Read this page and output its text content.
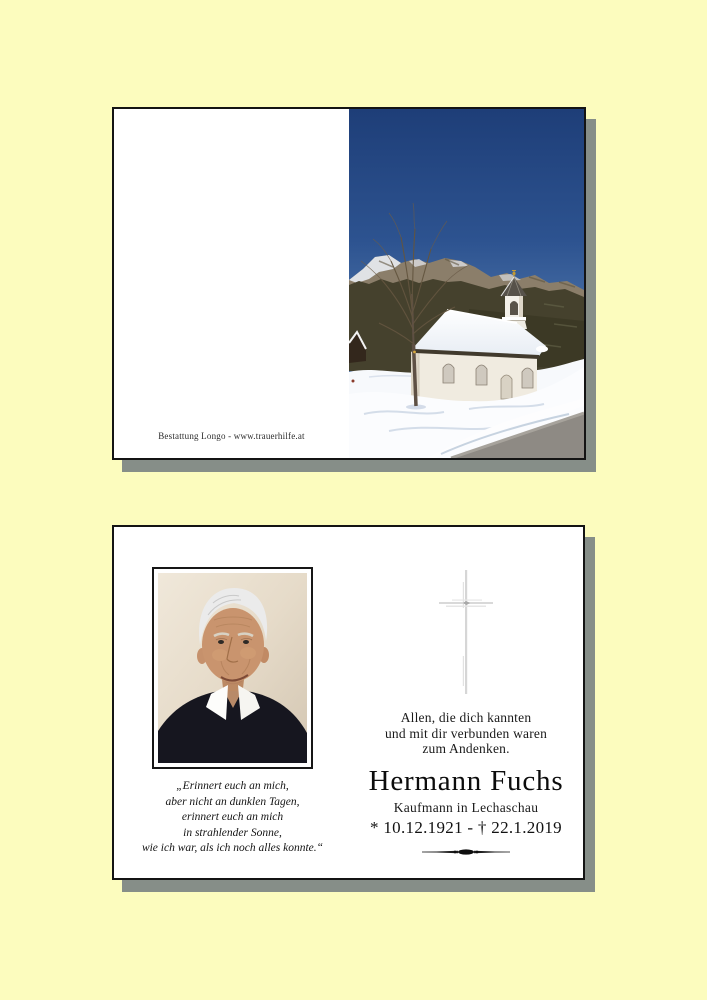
Bestattung Longo - www.trauerhilfe.at
„Erinnert euch an mich,
aber nicht an dunklen Tagen,
erinnert euch an mich
in strahlender Sonne,
wie ich war, als ich noch alles konnte.“
Allen, die dich kannten
und mit dir verbunden waren
zum Andenken.
Hermann Fuchs
Kaufmann in Lechaschau
* 10.12.1921 - † 22.1.2019
